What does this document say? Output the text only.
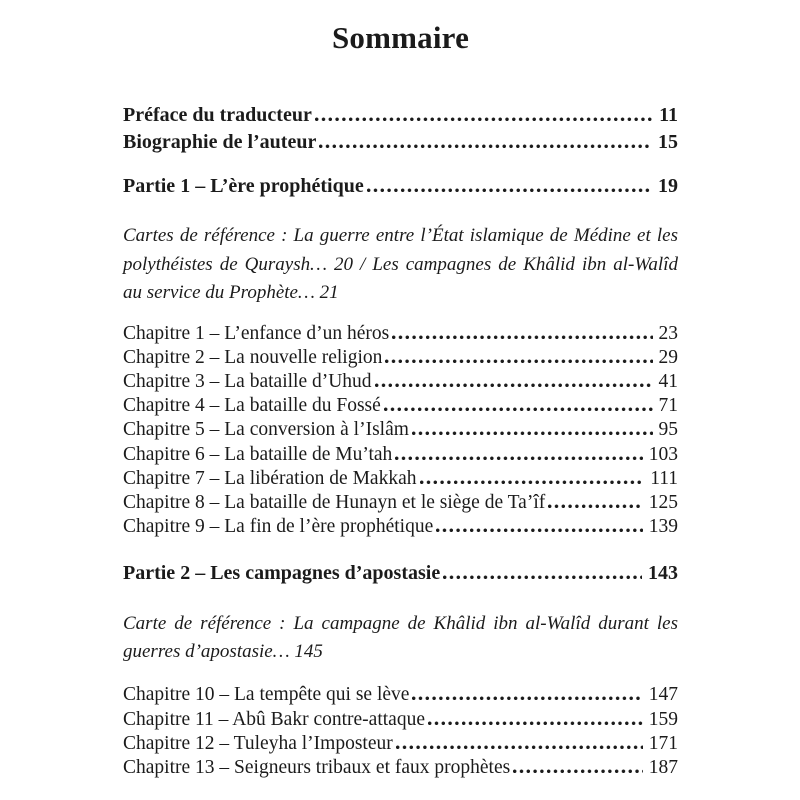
Sommaire
Préface du traducteur	11
Biographie de l’auteur	15
Partie 1 – L’ère prophétique	19

Cartes de référence : La guerre entre l’État islamique de Médine et les polythéistes de Quraysh… 20 / Les campagnes de Khâlid ibn al-Walîd au service du Prophète… 21

Chapitre 1 – L’enfance d’un héros	23
Chapitre 2 – La nouvelle religion	29
Chapitre 3 – La bataille d’Uhud	41
Chapitre 4 – La bataille du Fossé	71
Chapitre 5 – La conversion à l’Islâm	95
Chapitre 6 – La bataille de Mu’tah	103
Chapitre 7 – La libération de Makkah	111
Chapitre 8 – La bataille de Hunayn et le siège de Ta’îf	125
Chapitre 9 – La fin de l’ère prophétique	139
Partie 2 – Les campagnes d’apostasie	143

Carte de référence : La campagne de Khâlid ibn al-Walîd durant les guerres d’apostasie… 145

Chapitre 10 – La tempête qui se lève	147
Chapitre 11 – Abû Bakr contre-attaque	159
Chapitre 12 – Tuleyha l’Imposteur	171
Chapitre 13 – Seigneurs tribaux et faux prophètes	187
